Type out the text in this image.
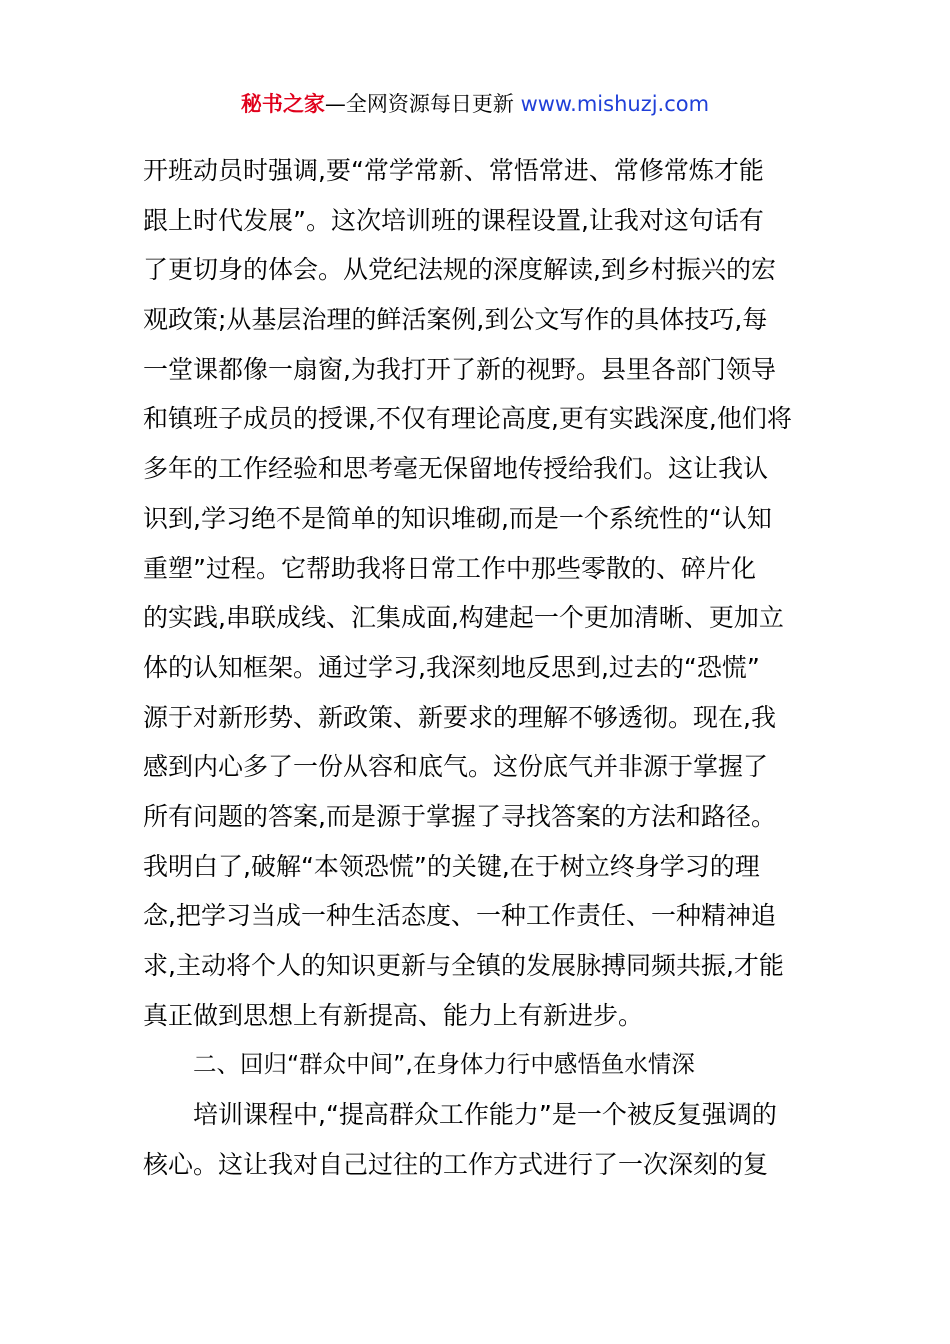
秘书之家—全网资源每日更新 www.mishuzj.com
开班动员时强调,要“常学常新、常悟常进、常修常炼才能
跟上时代发展”。这次培训班的课程设置,让我对这句话有
了更切身的体会。从党纪法规的深度解读,到乡村振兴的宏
观政策;从基层治理的鲜活案例,到公文写作的具体技巧,每
一堂课都像一扇窗,为我打开了新的视野。县里各部门领导
和镇班子成员的授课,不仅有理论高度,更有实践深度,他们将
多年的工作经验和思考毫无保留地传授给我们。这让我认
识到,学习绝不是简单的知识堆砌,而是一个系统性的“认知
重塑”过程。它帮助我将日常工作中那些零散的、碎片化
的实践,串联成线、汇集成面,构建起一个更加清晰、更加立
体的认知框架。通过学习,我深刻地反思到,过去的“恐慌”
源于对新形势、新政策、新要求的理解不够透彻。现在,我
感到内心多了一份从容和底气。这份底气并非源于掌握了
所有问题的答案,而是源于掌握了寻找答案的方法和路径。
我明白了,破解“本领恐慌”的关键,在于树立终身学习的理
念,把学习当成一种生活态度、一种工作责任、一种精神追
求,主动将个人的知识更新与全镇的发展脉搏同频共振,才能
真正做到思想上有新提高、能力上有新进步。
二、回归“群众中间”,在身体力行中感悟鱼水情深
培训课程中,“提高群众工作能力”是一个被反复强调的
核心。这让我对自己过往的工作方式进行了一次深刻的复
